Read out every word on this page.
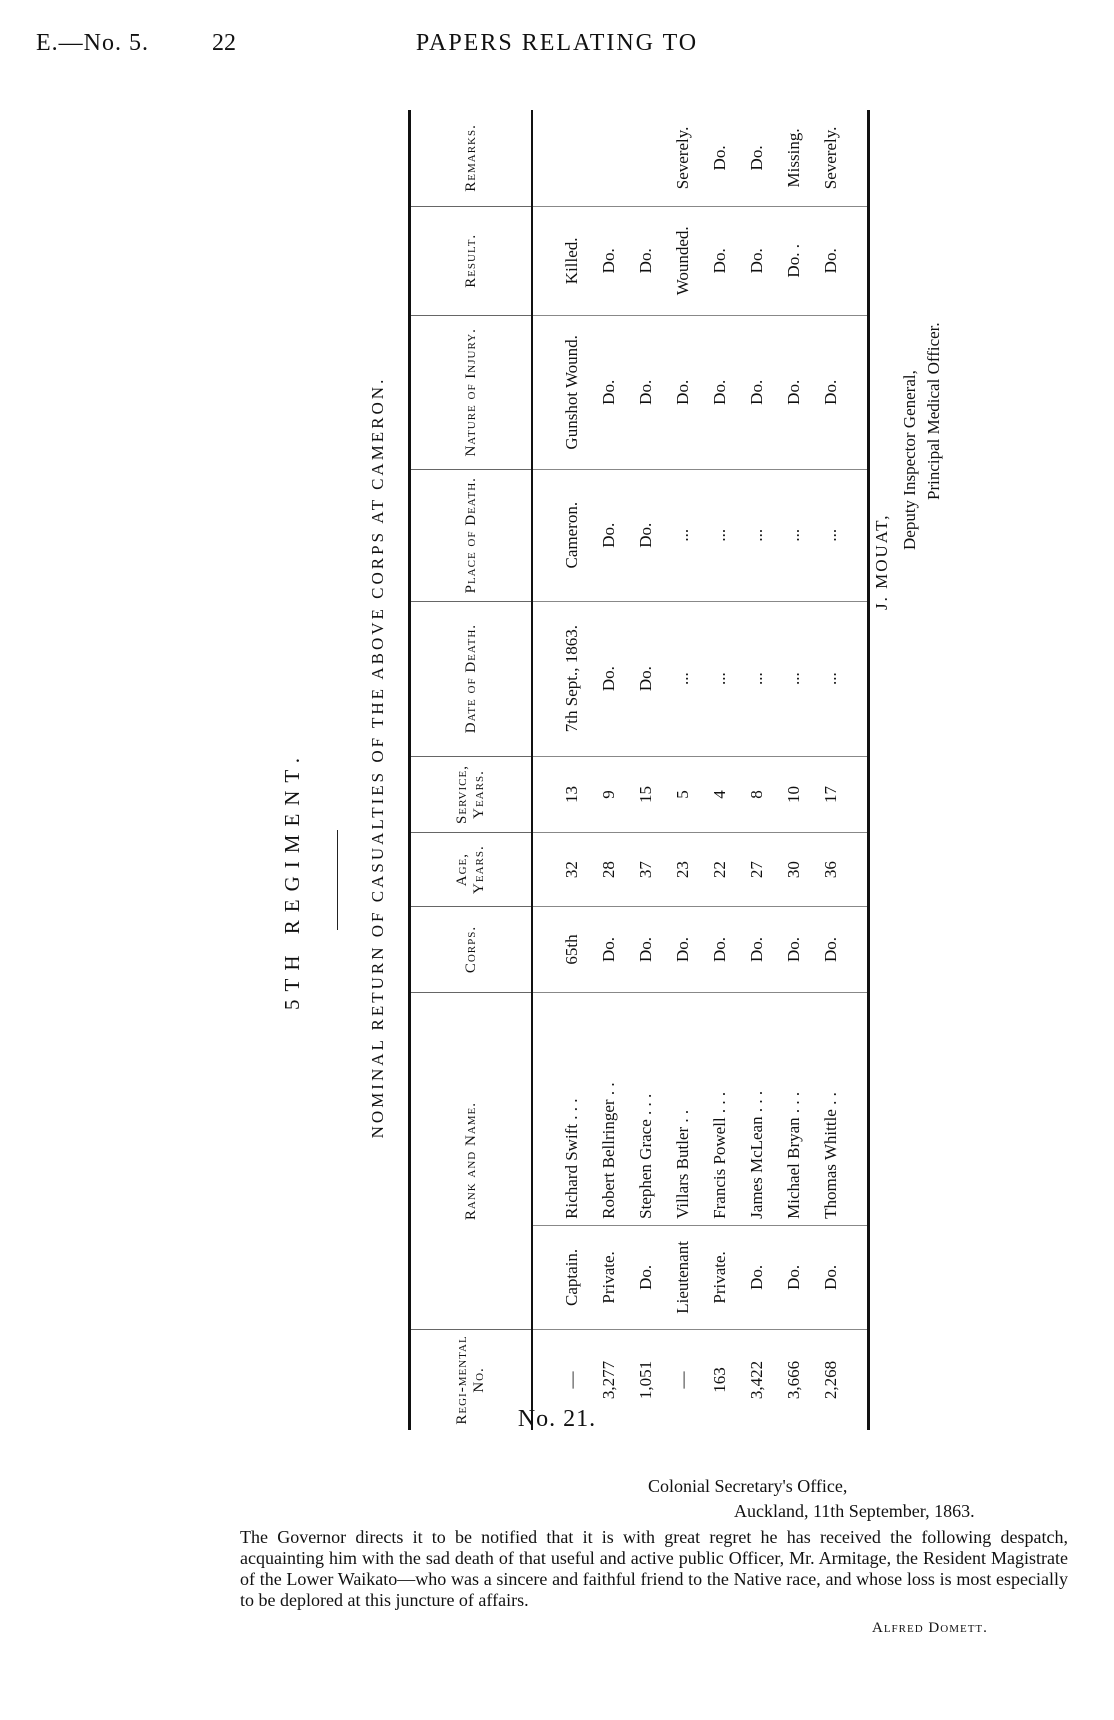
E.—No. 5.	22	PAPERS RELATING TO
5TH REGIMENT.	NOMINAL RETURN OF CASUALTIES OF THE ABOVE CORPS AT CAMERON.
Regi-mental No.	Rank and Name.		Corps.	Age, Years.	Service, Years.	Date of Death.	Place of Death.	Nature of Injury.	Result.	Remarks.
—	Captain.	Richard Swift . . .	65th	32	13	7th Sept., 1863.	Cameron.	Gunshot Wound.	Killed.	
3,277	Private.	Robert Bellringer . .	Do.	28	9	Do.	Do.	Do.	Do.	
1,051	Do.	Stephen Grace . . .	Do.	37	15	Do.	Do.	Do.	Do.	
—	Lieutenant	Villars Butler . .	Do.	23	5	...	...	Do.	Wounded.	Severely.
163	Private.	Francis Powell . . .	Do.	22	4	...	...	Do.	Do.	Do.
3,422	Do.	James McLean . . .	Do.	27	8	...	...	Do.	Do.	Do.
3,666	Do.	Michael Bryan . . .	Do.	30	10	...	...	Do.	Do. .	Missing.
2,268	Do.	Thomas Whittle . .	Do.	36	17	...	...	Do.	Do.	Severely.
J. MOUAT,
Deputy Inspector General, Principal Medical Officer.
No. 21.
Colonial Secretary's Office,
Auckland, 11th September, 1863.
The Governor directs it to be notified that it is with great regret he has received the following despatch, acquainting him with the sad death of that useful and active public Officer, Mr. Armitage, the Resident Magistrate of the Lower Waikato—who was a sincere and faithful friend to the Native race, and whose loss is most especially to be deplored at this juncture of affairs.
Alfred Domett.
